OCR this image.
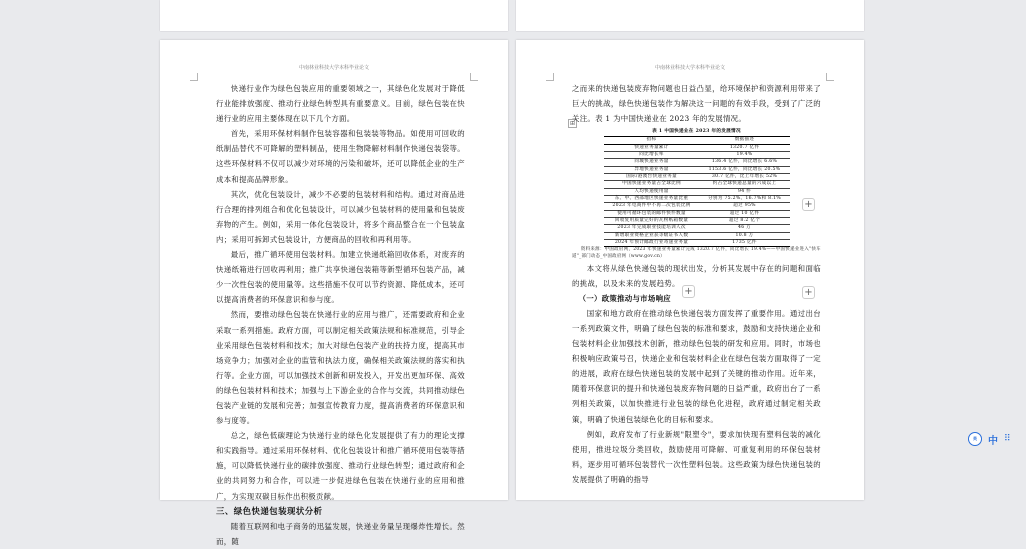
中南林业科技大学本科毕业论文

快递行业作为绿色包装应用的重要领域之一，其绿色化发展对于降低行业能排放强度、推动行业绿色转型具有重要意义。目前，绿色包装在快递行业的应用主要体现在以下几个方面。

首先，采用环保材料制作包装容器和包装装等物品。如使用可回收的纸制品替代不可降解的塑料制品，使用生物降解材料制作快递包装袋等。这些环保材料不仅可以减少对环境的污染和破坏，还可以降低企业的生产成本和提高品牌形象。

其次，优化包装设计，减少不必要的包装材料和结构。通过对商品进行合理的排列组合和优化包装设计，可以减少包装材料的使用量和包装废弃物的产生。例如，采用一体化包装设计，将多个商品整合在一个包装盒内；采用可拆卸式包装设计，方便商品的回收和再利用等。

最后，推广循环使用包装材料。加建立快递纸箱回收体系，对废弃的快递纸箱进行回收再利用；推广共享快递包装箱等新型循环包装产品，减少一次性包装的使用量等。这些措施不仅可以节约资源、降低成本，还可以提高消费者的环保意识和参与度。

然而，要推动绿色包装在快递行业的应用与推广，还需要政府和企业采取一系列措施。政府方面，可以制定相关政策法规和标准规范，引导企业采用绿色包装材料和技术；加大对绿色包装产业的扶持力度，提高其市场竞争力；加强对企业的监管和执法力度，确保相关政策法规的落实和执行等。企业方面，可以加强技术创新和研发投入，开发出更加环保、高效的绿色包装材料和技术；加强与上下游企业的合作与交流，共同推动绿色包装产业链的发展和完善；加强宣传教育力度，提高消费者的环保意识和参与度等。

总之，绿色低碳理论为快递行业的绿色化发展提供了有力的理论支撑和实践指导。通过采用环保材料、优化包装设计和推广循环使用包装等措施，可以降低快递行业的碳排放强度、推动行业绿色转型；通过政府和企业的共同努力和合作，可以进一步促进绿色包装在快递行业的应用和推广，为实现双碳目标作出积极贡献。

三、绿色快递包装现状分析

随着互联网和电子商务的迅猛发展，快递业务量呈现爆炸性增长。然而，随

中南林业科技大学本科毕业论文
⊞

之而来的快递包装废弃物问题也日益凸显，给环境保护和资源利用带来了巨大的挑战，绿色快递包装作为解决这一问题的有效手段，受到了广泛的关注。表 1 为中国快递业在 2023 年的发展情况。

表 1 中国快递业在 2023 年的发展情况
指标	数据描述
快递业务量累计	1320.7 亿件
同比增长率	19.4%
同城快递业务量	136.4 亿件，同比增长 6.6%
异地快递业务量	1153.6 亿件，同比增长 20.5%
国际/港澳台快递业务量	30.7 亿件，比上年增长 52%
中国快递业务量占全球比例	约占全球快递总量的六成以上
人均快递使用量	94 件
东、中、西部地区快递业务量比重	分别为 75.2%、16.7%和 8.1%
2023 年电商件中不再二次包装比例	超过 95%
使用可循环包装的邮件快件数量	超过 10 亿件
回收复用质量完好的瓦楞纸箱数量	超过 8.2 亿个
2023 年完成职业技能培训人次	46 万
新增职业资格企业获等级证书人数	10.8 万
2024 年预计邮政行业寄递业务量	1735 亿件

资料来源：中国政府网，2023 年快递业务量累计完成 1320.7 亿件，同比增长 19.4%——中国快递业进入"快车道"_部门动态_中国政府网（www.gov.cn）

本文将从绿色快递包装的现状出发，分析其发展中存在的问题和面临的挑战，以及未来的发展趋势。

（一）政策推动与市场响应

国家和地方政府在推动绿色快递包装方面发挥了重要作用。通过出台一系列政策文件，明确了绿色包装的标准和要求，鼓励和支持快递企业和包装材料企业加强技术创新，推动绿色包装的研发和应用。同时，市场也积极响应政策号召，快递企业和包装材料企业在绿色包装方面取得了一定的进展，政府在绿色快递包装的发展中起到了关键的推动作用。近年来，随着环保意识的提升和快递包装废弃物问题的日益严重，政府出台了一系列相关政策，以加快推进行业包装的绿色化进程，政府通过制定相关政策，明确了快递包装绿色化的目标和要求。

例如，政府发布了行业新规"限塑令"，要求加快现有塑料包装的减化使用，推进垃圾分类回收，鼓励使用可降解、可重复利用的环保包装材料，逐步用可循环包装替代一次性塑料包装。这些政策为绿色快递包装的发展提供了明确的指导

+
+
+
英	中 ⠿
